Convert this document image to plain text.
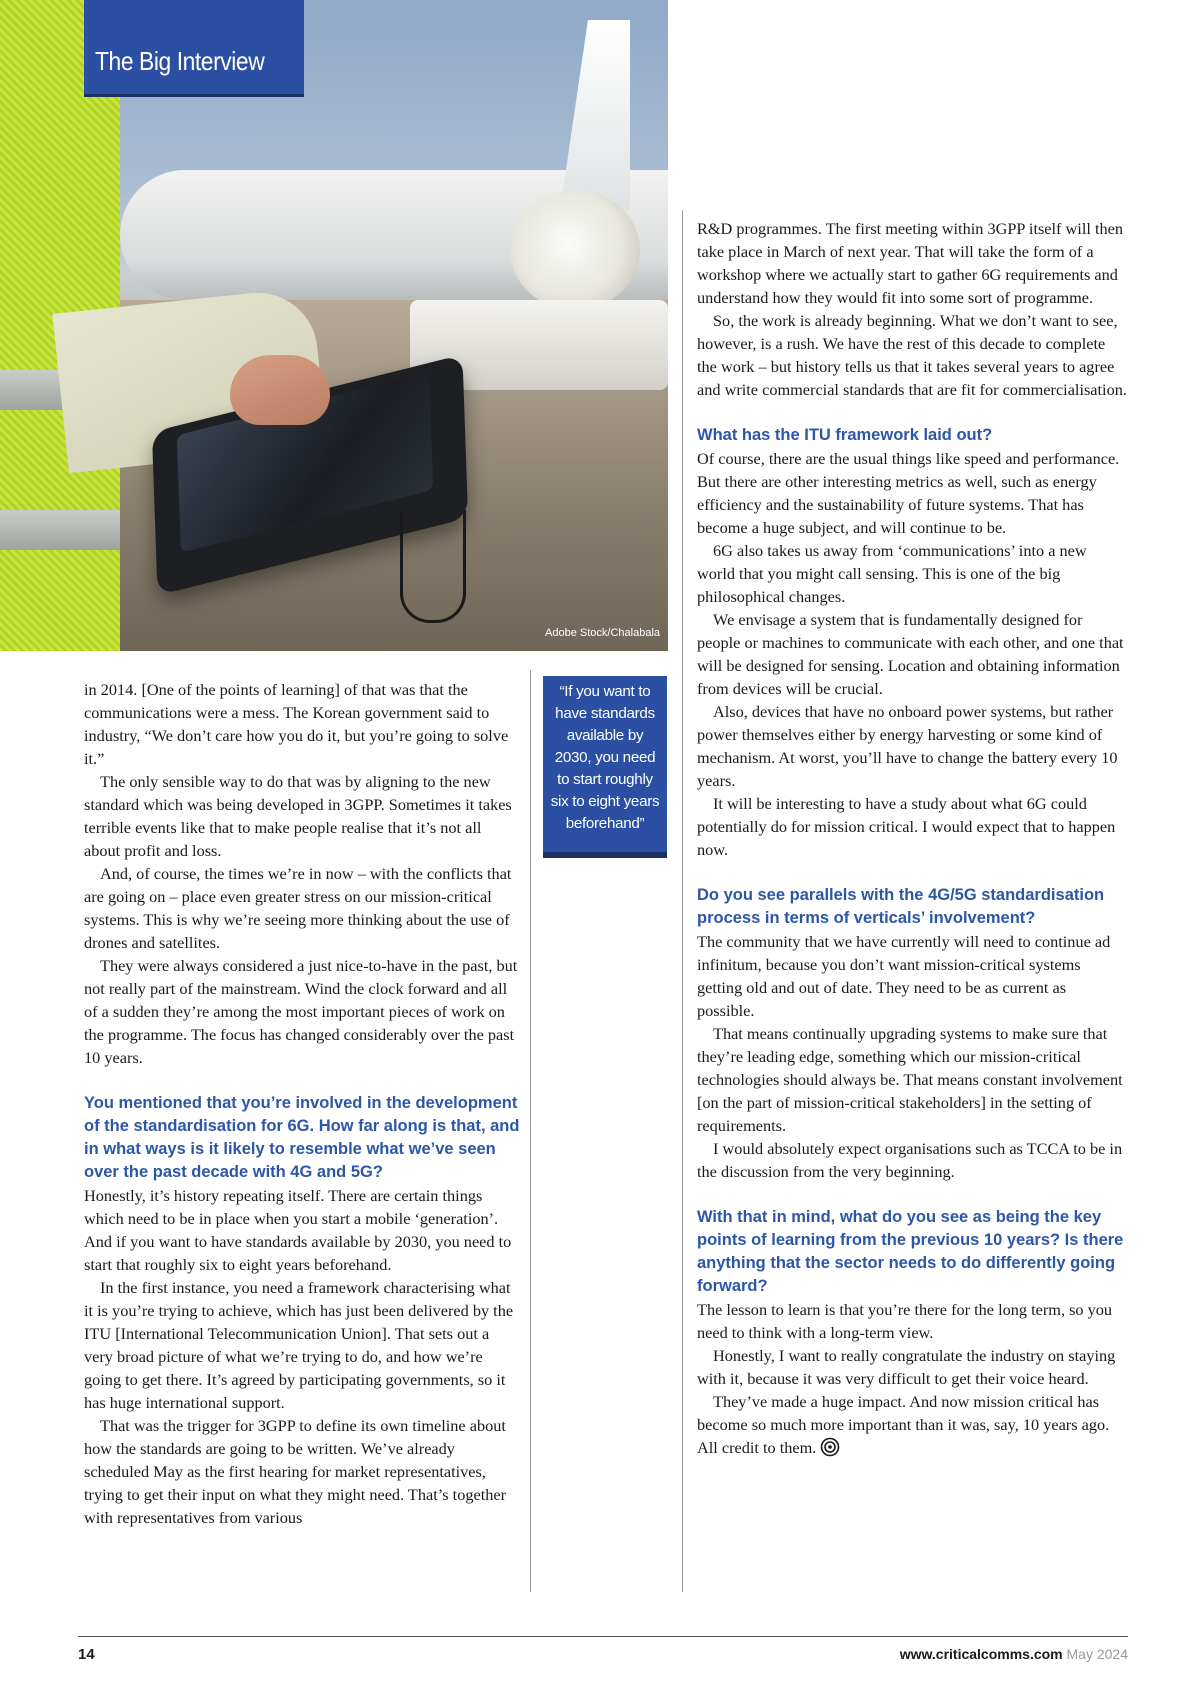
Adobe Stock/Chalabala
The Big Interview
“If you want to have standards available by 2030, you need to start roughly six to eight years beforehand”

in 2014. [One of the points of learning] of that was that the communications were a mess. The Korean government said to industry, “We don’t care how you do it, but you’re going to solve it.”

The only sensible way to do that was by aligning to the new standard which was being developed in 3GPP. Sometimes it takes terrible events like that to make people realise that it’s not all about profit and loss.

And, of course, the times we’re in now – with the conflicts that are going on – place even greater stress on our mission-critical systems. This is why we’re seeing more thinking about the use of drones and satellites.

They were always considered a just nice-to-have in the past, but not really part of the mainstream. Wind the clock forward and all of a sudden they’re among the most important pieces of work on the programme. The focus has changed considerably over the past 10 years.

You mentioned that you’re involved in the development of the standardisation for 6G. How far along is that, and in what ways is it likely to resemble what we’ve seen over the past decade with 4G and 5G?

Honestly, it’s history repeating itself. There are certain things which need to be in place when you start a mobile ‘generation’. And if you want to have standards available by 2030, you need to start that roughly six to eight years beforehand.

In the first instance, you need a framework characterising what it is you’re trying to achieve, which has just been delivered by the ITU [International Telecommunication Union]. That sets out a very broad picture of what we’re trying to do, and how we’re going to get there. It’s agreed by participating governments, so it has huge international support.

That was the trigger for 3GPP to define its own timeline about how the standards are going to be written. We’ve already scheduled May as the first hearing for market representatives, trying to get their input on what they might need. That’s together with representatives from various

R&D programmes. The first meeting within 3GPP itself will then take place in March of next year. That will take the form of a workshop where we actually start to gather 6G requirements and understand how they would fit into some sort of programme.

So, the work is already beginning. What we don’t want to see, however, is a rush. We have the rest of this decade to complete the work – but history tells us that it takes several years to agree and write commercial standards that are fit for commercialisation.

What has the ITU framework laid out?

Of course, there are the usual things like speed and performance. But there are other interesting metrics as well, such as energy efficiency and the sustainability of future systems. That has become a huge subject, and will continue to be.

6G also takes us away from ‘communications’ into a new world that you might call sensing. This is one of the big philosophical changes.

We envisage a system that is fundamentally designed for people or machines to communicate with each other, and one that will be designed for sensing. Location and obtaining information from devices will be crucial.

Also, devices that have no onboard power systems, but rather power themselves either by energy harvesting or some kind of mechanism. At worst, you’ll have to change the battery every 10 years.

It will be interesting to have a study about what 6G could potentially do for mission critical. I would expect that to happen now.

Do you see parallels with the 4G/5G standardisation process in terms of verticals’ involvement?

The community that we have currently will need to continue ad infinitum, because you don’t want mission-critical systems getting old and out of date. They need to be as current as possible.

That means continually upgrading systems to make sure that they’re leading edge, something which our mission-critical technologies should always be. That means constant involvement [on the part of mission-critical stakeholders] in the setting of requirements.

I would absolutely expect organisations such as TCCA to be in the discussion from the very beginning.

With that in mind, what do you see as being the key points of learning from the previous 10 years? Is there anything that the sector needs to do differently going forward?

The lesson to learn is that you’re there for the long term, so you need to think with a long-term view.

Honestly, I want to really congratulate the industry on staying with it, because it was very difficult to get their voice heard.

They’ve made a huge impact. And now mission critical has become so much more important than it was, say, 10 years ago. All credit to them.

14	www.criticalcomms.com May 2024
